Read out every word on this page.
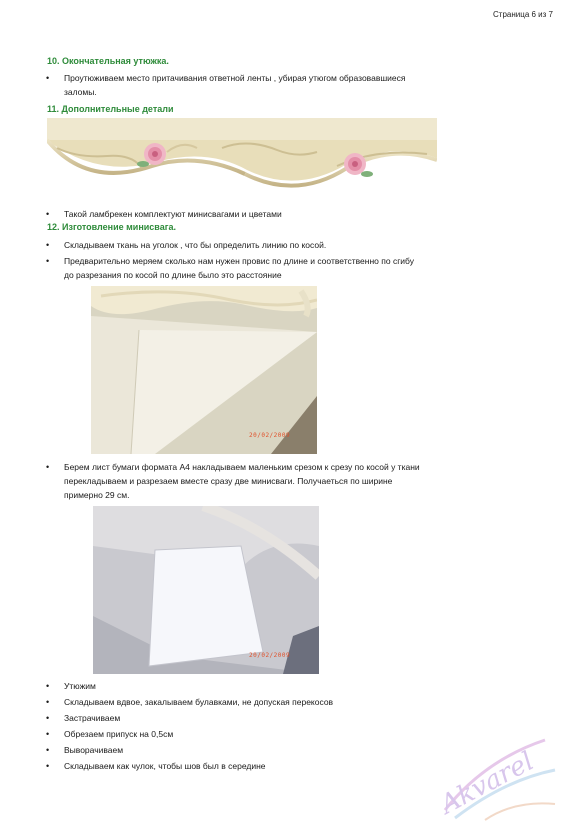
Страница 6 из 7
10. Окончательная утюжка.
• Проутюживаем место притачивания ответной ленты , убирая утюгом образовавшиеся
заломы.
11. Дополнительные детали
• Такой ламбрекен комплектуют минисвагами и цветами
12. Изготовление минисвага.
• Складываем ткань на уголок , что бы определить линию по косой.
• Предварительно меряем сколько нам нужен провис по длине и соответственно по сгибу
до разрезания по косой по длине было это расстояние
20/02/2009
• Берем лист бумаги формата А4 накладываем маленьким срезом к срезу по косой у ткани
перекладываем и разрезаем вместе сразу две минисваги. Получаеться по ширине
примерно 29 см.
20/02/2009
• Утюжим
• Складываем вдвое, закалываем булавками, не допуская перекосов
• Застрачиваем
• Обрезаем припуск на 0,5см
• Выворачиваем
• Складываем как чулок, чтобы шов был в середине	Akvarel
